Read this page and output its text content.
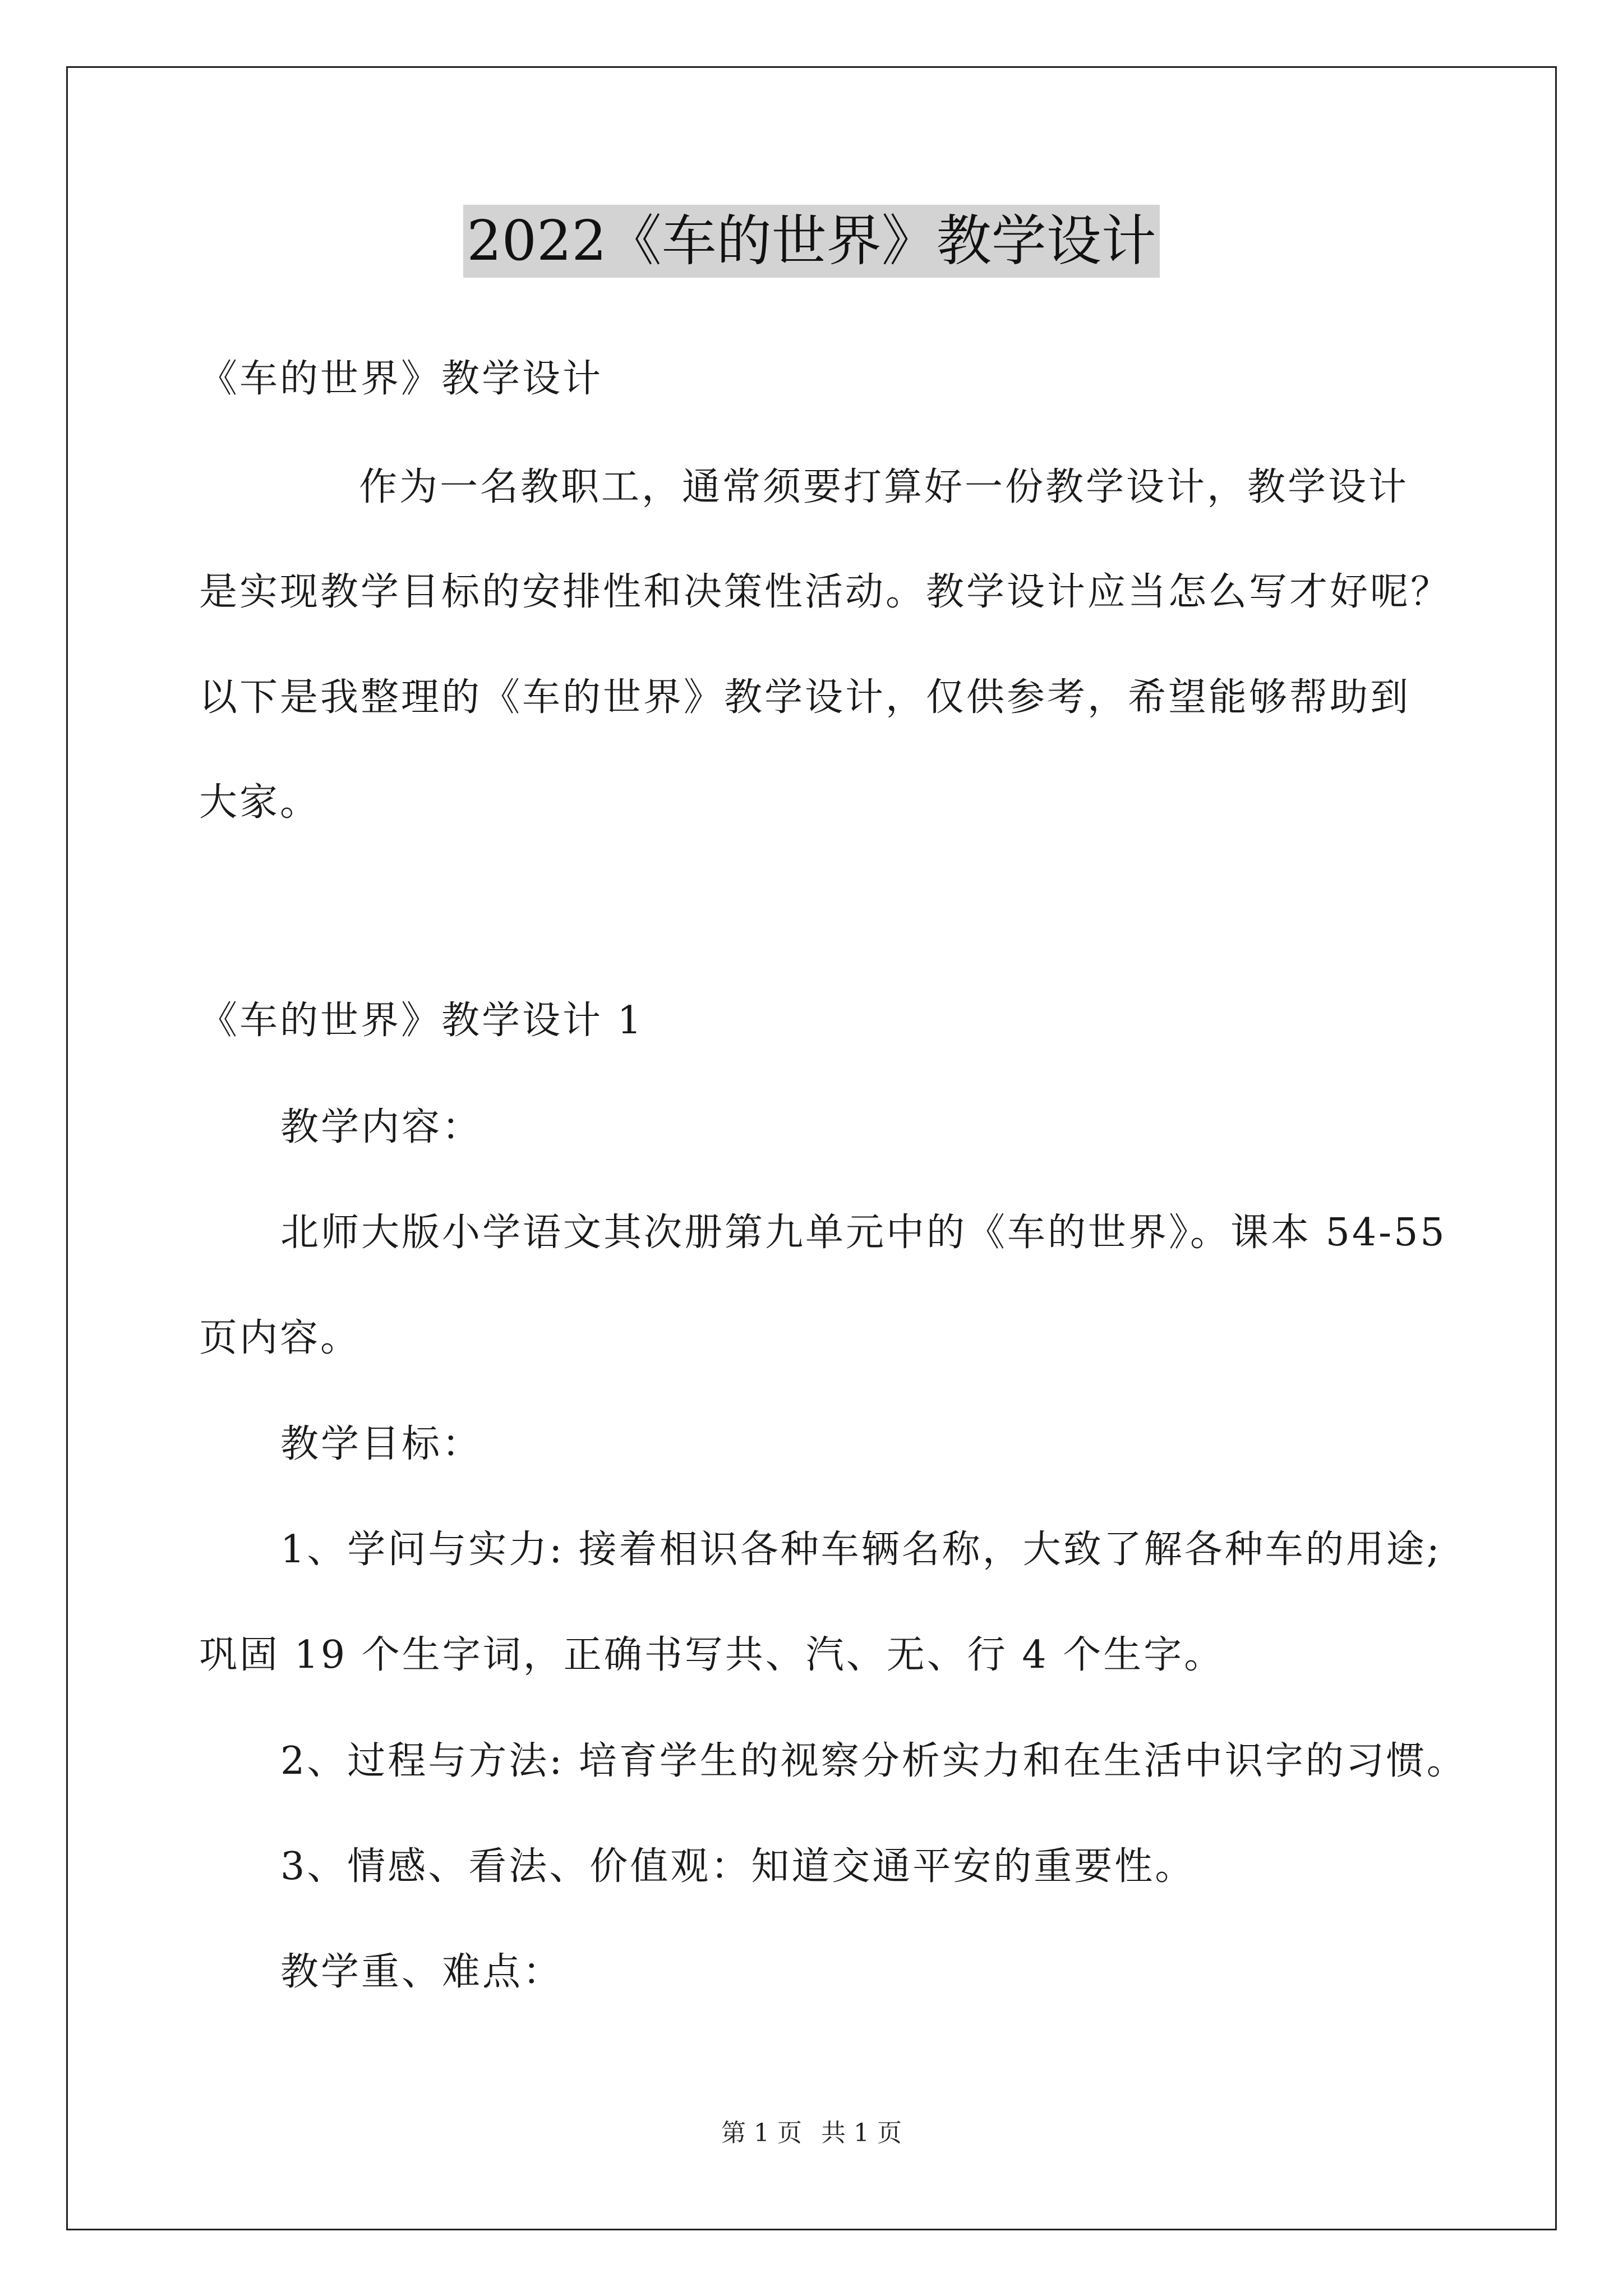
2022《车的世界》教学设计
《车的世界》教学设计
作为一名教职工，通常须要打算好一份教学设计，教学设计
是实现教学目标的安排性和决策性活动。教学设计应当怎么写才好呢？
以下是我整理的《车的世界》教学设计，仅供参考，希望能够帮助到
大家。
《车的世界》教学设计 1
教学内容：
北师大版小学语文其次册第九单元中的《车的世界》。课本 54-55
页内容。
教学目标：
1、学问与实力: 接着相识各种车辆名称，大致了解各种车的用途;
巩固 19 个生字词，正确书写共、汽、无、行 4 个生字。
2、过程与方法: 培育学生的视察分析实力和在生活中识字的习惯。
3、情感、看法、价值观：知道交通平安的重要性。
教学重、难点：
第 1 页 共 1 页
